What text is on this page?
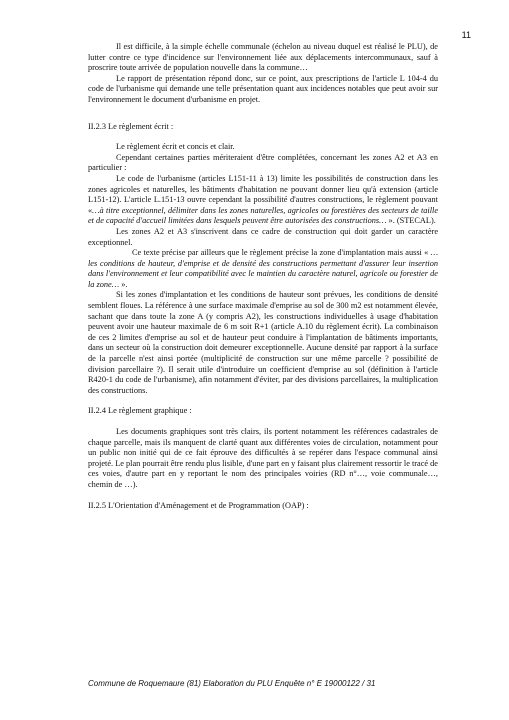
11

Il est difficile, à la simple échelle communale (échelon au niveau duquel est réalisé le PLU), de lutter contre ce type d'incidence sur l'environnement liée aux déplacements intercommunaux, sauf à proscrire toute arrivée de population nouvelle dans la commune…

Le rapport de présentation répond donc, sur ce point, aux prescriptions de l'article L 104-4 du code de l'urbanisme qui demande une telle présentation quant aux incidences notables que peut avoir sur l'environnement le document d'urbanisme en projet.

II.2.3 Le règlement écrit :

Le règlement écrit et concis et clair.

Cependant certaines parties mériteraient d'être complétées, concernant les zones A2 et A3 en particulier :

Le code de l'urbanisme (articles L151-11 à 13) limite les possibilités de construction dans les zones agricoles et naturelles, les bâtiments d'habitation ne pouvant donner lieu qu'à extension (article L151-12). L'article L.151-13 ouvre cependant la possibilité d'autres constructions, le règlement pouvant «…à titre exceptionnel, délimiter dans les zones naturelles, agricoles ou forestières des secteurs de taille et de capacité d'accueil limitées dans lesquels peuvent être autorisées des constructions… ». (STECAL).

Les zones A2 et A3 s'inscrivent dans ce cadre de construction qui doit garder un caractère exceptionnel.

Ce texte précise par ailleurs que le règlement précise la zone d'implantation mais aussi « …les conditions de hauteur, d'emprise et de densité des constructions permettant d'assurer leur insertion dans l'environnement et leur compatibilité avec le maintien du caractère naturel, agricole ou forestier de la zone… ».

Si les zones d'implantation et les conditions de hauteur sont prévues, les conditions de densité semblent floues. La référence à une surface maximale d'emprise au sol de 300 m2 est notamment élevée, sachant que dans toute la zone A (y compris A2), les constructions individuelles à usage d'habitation peuvent avoir une hauteur maximale de 6 m soit R+1 (article A.10 du règlement écrit). La combinaison de ces 2 limites d'emprise au sol et de hauteur peut conduire à l'implantation de bâtiments importants, dans un secteur où la construction doit demeurer exceptionnelle. Aucune densité par rapport à la surface de la parcelle n'est ainsi portée (multiplicité de construction sur une même parcelle ? possibilité de division parcellaire ?). Il serait utile d'introduire un coefficient d'emprise au sol (définition à l'article R420-1 du code de l'urbanisme), afin notamment d'éviter, par des divisions parcellaires, la multiplication des constructions.

II.2.4 Le règlement graphique :

Les documents graphiques sont très clairs, ils portent notamment les références cadastrales de chaque parcelle, mais ils manquent de clarté quant aux différentes voies de circulation, notamment pour un public non initié qui de ce fait éprouve des difficultés à se repérer dans l'espace communal ainsi projeté. Le plan pourrait être rendu plus lisible, d'une part en y faisant plus clairement ressortir le tracé de ces voies, d'autre part en y reportant le nom des principales voiries (RD n°…, voie communale…, chemin de …).

II.2.5 L'Orientation d'Aménagement et de Programmation (OAP) :

Commune de Roquemaure (81) Elaboration du PLU Enquête n° E 19000122 / 31
